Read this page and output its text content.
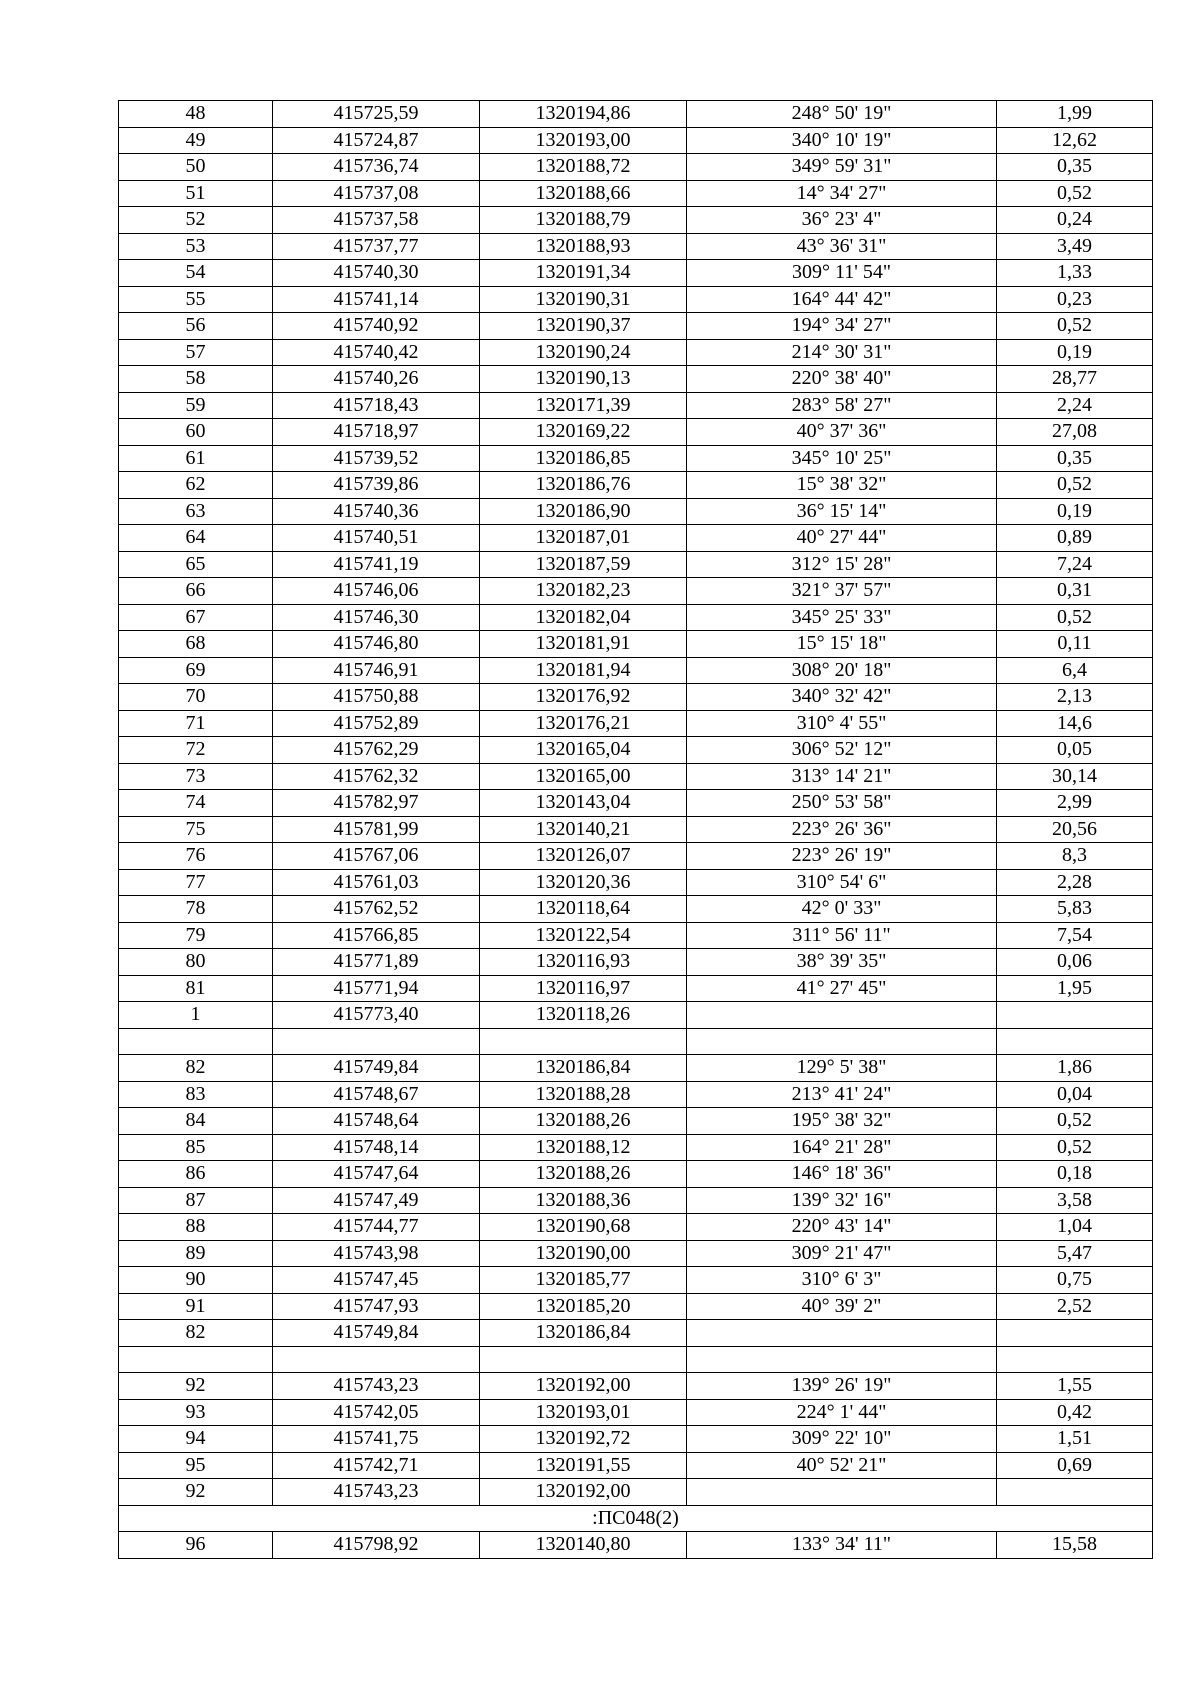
48	415725,59	1320194,86	248° 50' 19"	1,99
49	415724,87	1320193,00	340° 10' 19"	12,62
50	415736,74	1320188,72	349° 59' 31"	0,35
51	415737,08	1320188,66	14° 34' 27"	0,52
52	415737,58	1320188,79	36° 23' 4"	0,24
53	415737,77	1320188,93	43° 36' 31"	3,49
54	415740,30	1320191,34	309° 11' 54"	1,33
55	415741,14	1320190,31	164° 44' 42"	0,23
56	415740,92	1320190,37	194° 34' 27"	0,52
57	415740,42	1320190,24	214° 30' 31"	0,19
58	415740,26	1320190,13	220° 38' 40"	28,77
59	415718,43	1320171,39	283° 58' 27"	2,24
60	415718,97	1320169,22	40° 37' 36"	27,08
61	415739,52	1320186,85	345° 10' 25"	0,35
62	415739,86	1320186,76	15° 38' 32"	0,52
63	415740,36	1320186,90	36° 15' 14"	0,19
64	415740,51	1320187,01	40° 27' 44"	0,89
65	415741,19	1320187,59	312° 15' 28"	7,24
66	415746,06	1320182,23	321° 37' 57"	0,31
67	415746,30	1320182,04	345° 25' 33"	0,52
68	415746,80	1320181,91	15° 15' 18"	0,11
69	415746,91	1320181,94	308° 20' 18"	6,4
70	415750,88	1320176,92	340° 32' 42"	2,13
71	415752,89	1320176,21	310° 4' 55"	14,6
72	415762,29	1320165,04	306° 52' 12"	0,05
73	415762,32	1320165,00	313° 14' 21"	30,14
74	415782,97	1320143,04	250° 53' 58"	2,99
75	415781,99	1320140,21	223° 26' 36"	20,56
76	415767,06	1320126,07	223° 26' 19"	8,3
77	415761,03	1320120,36	310° 54' 6"	2,28
78	415762,52	1320118,64	42° 0' 33"	5,83
79	415766,85	1320122,54	311° 56' 11"	7,54
80	415771,89	1320116,93	38° 39' 35"	0,06
81	415771,94	1320116,97	41° 27' 45"	1,95
1	415773,40	1320118,26		

82	415749,84	1320186,84	129° 5' 38"	1,86
83	415748,67	1320188,28	213° 41' 24"	0,04
84	415748,64	1320188,26	195° 38' 32"	0,52
85	415748,14	1320188,12	164° 21' 28"	0,52
86	415747,64	1320188,26	146° 18' 36"	0,18
87	415747,49	1320188,36	139° 32' 16"	3,58
88	415744,77	1320190,68	220° 43' 14"	1,04
89	415743,98	1320190,00	309° 21' 47"	5,47
90	415747,45	1320185,77	310° 6' 3"	0,75
91	415747,93	1320185,20	40° 39' 2"	2,52
82	415749,84	1320186,84		

92	415743,23	1320192,00	139° 26' 19"	1,55
93	415742,05	1320193,01	224° 1' 44"	0,42
94	415741,75	1320192,72	309° 22' 10"	1,51
95	415742,71	1320191,55	40° 52' 21"	0,69
92	415743,23	1320192,00		
:ПС048(2)				
96	415798,92	1320140,80	133° 34' 11"	15,58
